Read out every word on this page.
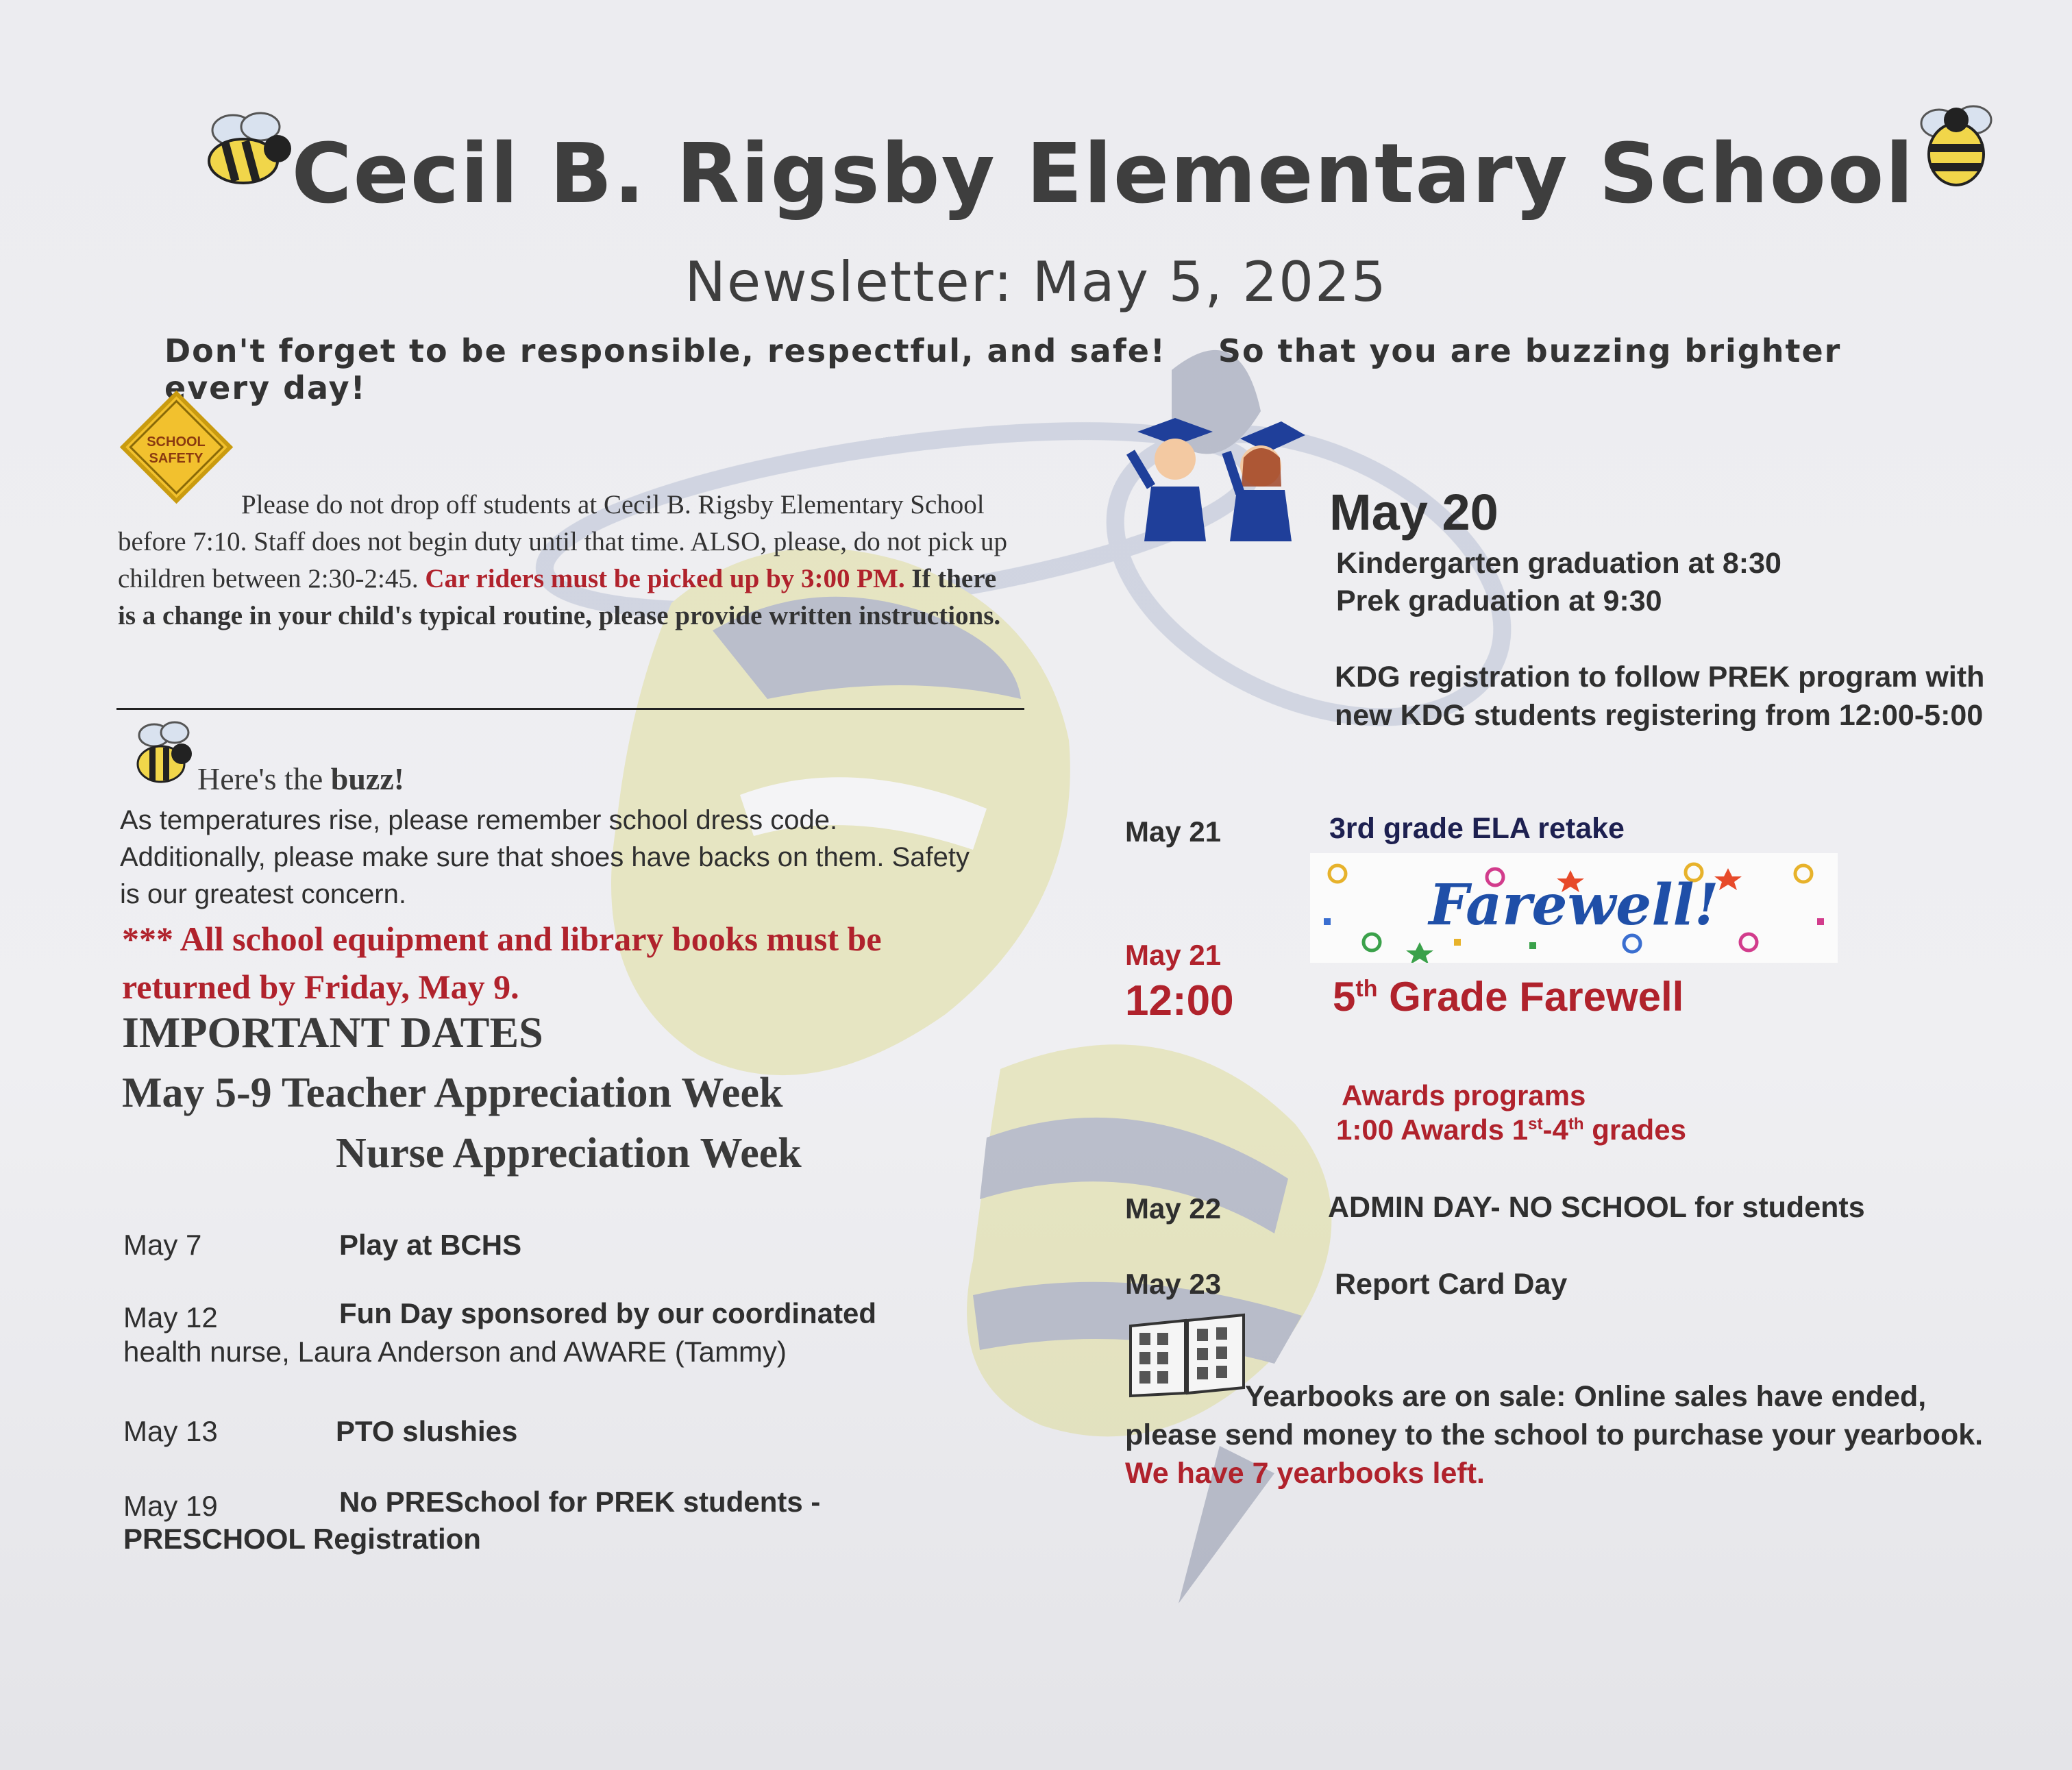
Cecil B. Rigsby Elementary School
Newsletter: May 5, 2025
Don't forget to be responsible, respectful, and safe! So that you are buzzing brighter every day!
SCHOOL
SAFETY
Please do not drop off students at Cecil B. Rigsby Elementary School before 7:10. Staff does not begin duty until that time. ALSO, please, do not pick up children between 2:30-2:45. Car riders must be picked up by 3:00 PM. If there is a change in your child's typical routine, please provide written instructions.
Here's the buzz!
As temperatures rise, please remember school dress code. Additionally, please make sure that shoes have backs on them. Safety is our greatest concern.
*** All school equipment and library books must be returned by Friday, May 9.
IMPORTANT DATES
May 5-9 Teacher Appreciation Week
Nurse Appreciation Week
May 7	Play at BCHS
May 12	Fun Day sponsored by our coordinated
health nurse, Laura Anderson and AWARE (Tammy)
May 13	PTO slushies
May 19	No PRESchool for PREK students -
PRESCHOOL Registration
May 20
Kindergarten graduation at 8:30
Prek graduation at 9:30
KDG registration to follow PREK program with new KDG students registering from 12:00-5:00
May 21	3rd grade ELA retake
Farewell!
May 21
12:00 5th Grade Farewell
Awards programs
1:00 Awards 1st-4th grades
May 22	ADMIN DAY- NO SCHOOL for students
May 23	Report Card Day
Yearbooks are on sale: Online sales have ended, please send money to the school to purchase your yearbook. We have 7 yearbooks left.
